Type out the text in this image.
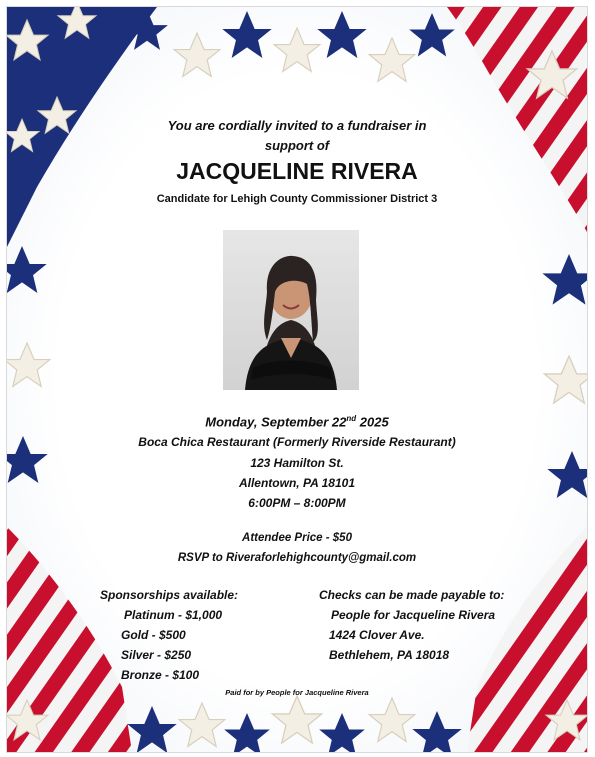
You are cordially invited to a fundraiser in
support of
JACQUELINE RIVERA
Candidate for Lehigh County Commissioner District 3
Monday, September 22nd 2025
Boca Chica Restaurant (Formerly Riverside Restaurant)
123 Hamilton St.
Allentown, PA 18101
6:00PM – 8:00PM
Attendee Price - $50
RSVP to Riveraforlehighcounty@gmail.com
Sponsorships available:
Platinum - $1,000
Gold - $500
Silver - $250
Bronze - $100
Checks can be made payable to:
People for Jacqueline Rivera
1424 Clover Ave.
Bethlehem, PA 18018
Paid for by People for Jacqueline Rivera
